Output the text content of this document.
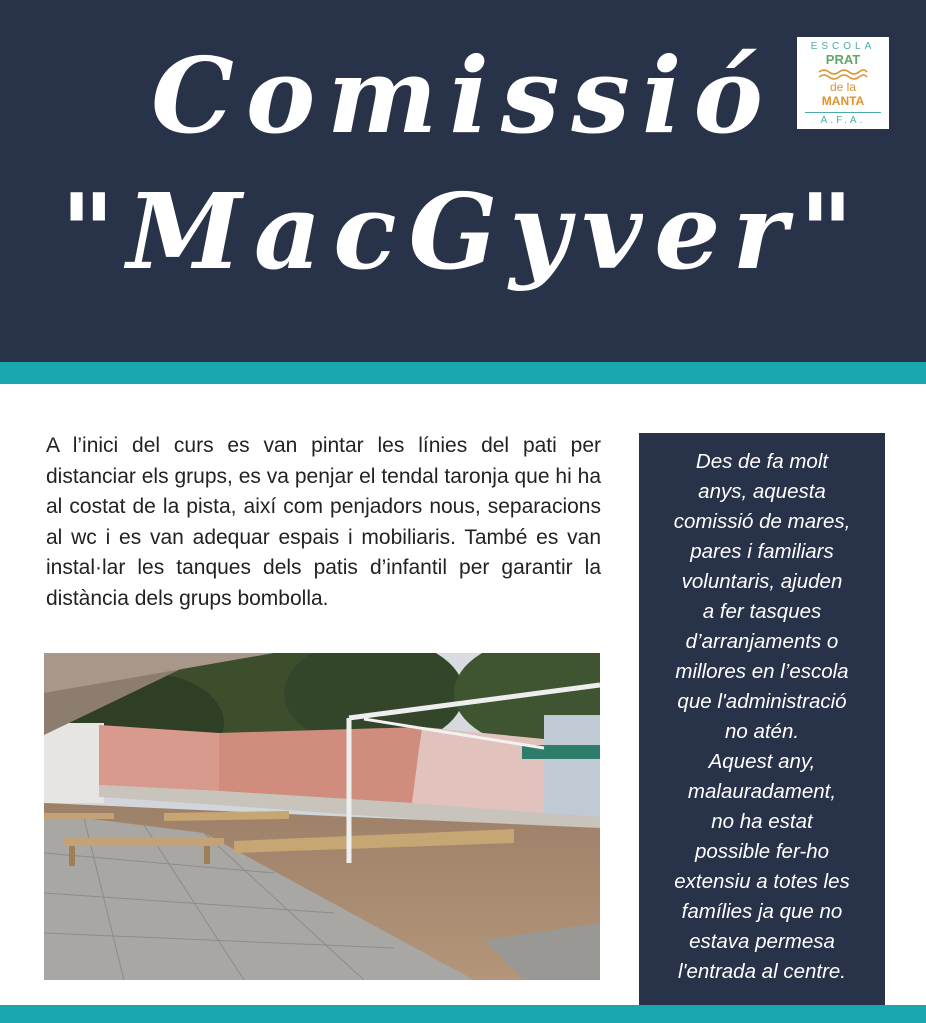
Comissió
"MacGyver"
ESCOLA
PRAT
de la
MANTA
A.F.A.
A l’inici del curs es van pintar les línies del pati per distanciar els grups, es va penjar el tendal taronja que hi ha al costat de la pista, així com penjadors nous, separacions al wc i es van adequar espais i mobiliaris. També es van instal·lar les tanques dels patis d’infantil per garantir la distància dels grups bombolla.
Des de fa molt
anys, aquesta
comissió de mares,
pares i familiars
voluntaris, ajuden
a fer tasques
d’arranjaments o
millores en l’escola
que l'administració
no atén.
Aquest any,
malauradament,
no ha estat
possible fer-ho
extensiu a totes les
famílies ja que no
estava permesa
l'entrada al centre.
